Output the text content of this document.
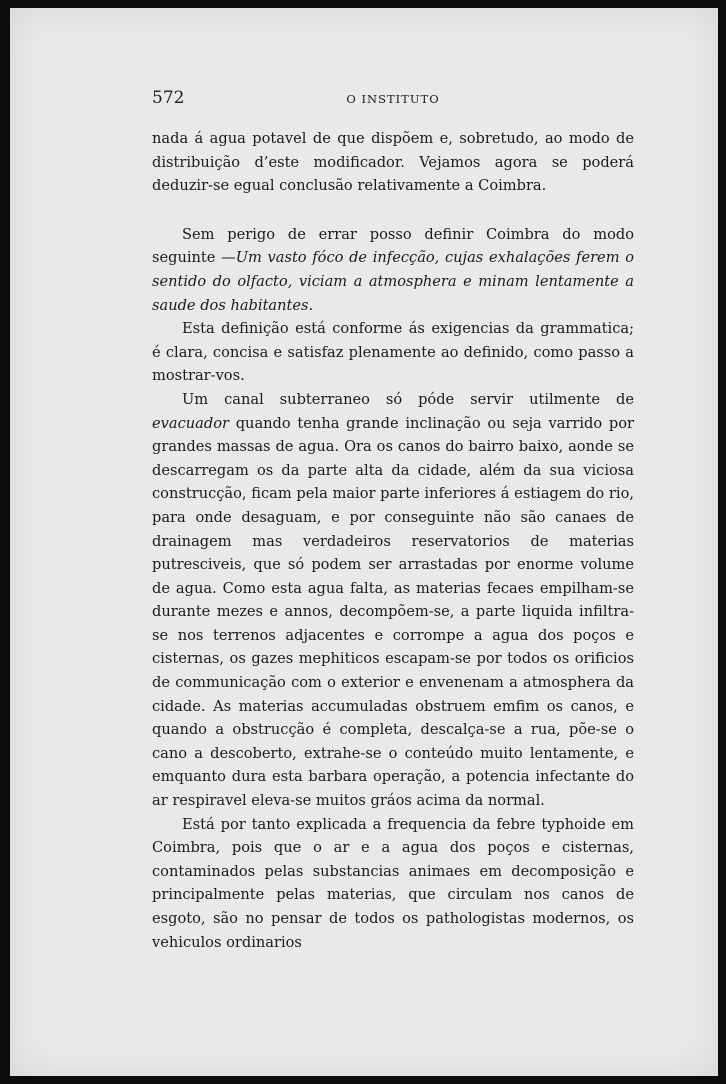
572	O INSTITUTO

nada á agua potavel de que dispõem e, sobretudo, ao modo de distribuição d’este modificador. Vejamos agora se poderá deduzir-se egual conclusão relativamente a Coimbra.

Sem perigo de errar posso definir Coimbra do modo seguinte —Um vasto fóco de infecção, cujas exhalações ferem o sentido do olfacto, viciam a atmosphera e minam lentamente a saude dos habitantes.

Esta definição está conforme ás exigencias da grammatica; é clara, concisa e satisfaz plenamente ao definido, como passo a mostrar-vos.

Um canal subterraneo só póde servir utilmente de evacuador quando tenha grande inclinação ou seja varrido por grandes massas de agua. Ora os canos do bairro baixo, aonde se descarregam os da parte alta da cidade, além da sua viciosa construcção, ficam pela maior parte inferiores á estiagem do rio, para onde desaguam, e por conseguinte não são canaes de drainagem mas verdadeiros reservatorios de materias putresciveis, que só podem ser arrastadas por enorme volume de agua. Como esta agua falta, as materias fecaes empilham-se durante mezes e annos, decompõem-se, a parte liquida infiltra-se nos terrenos adjacentes e corrompe a agua dos poços e cisternas, os gazes mephiticos escapam-se por todos os orificios de communicação com o exterior e envenenam a atmosphera da cidade. As materias accumuladas obstruem emfim os canos, e quando a obstrucção é completa, descalça-se a rua, põe-se o cano a descoberto, extrahe-se o conteúdo muito lentamente, e emquanto dura esta barbara operação, a potencia infectante do ar respiravel eleva-se muitos gráos acima da normal.

Está por tanto explicada a frequencia da febre typhoide em Coimbra, pois que o ar e a agua dos poços e cisternas, contaminados pelas substancias animaes em decomposição e principalmente pelas materias, que circulam nos canos de esgoto, são no pensar de todos os pathologistas modernos, os vehiculos ordinarios
